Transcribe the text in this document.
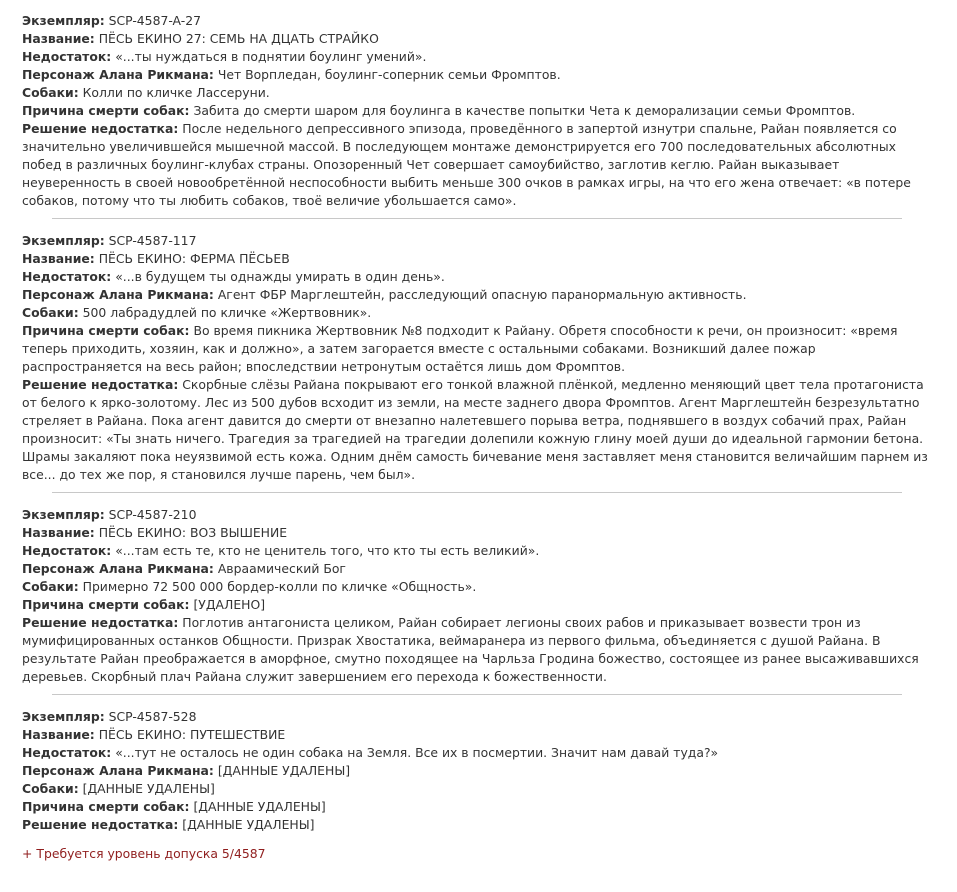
Экземпляр: SCP-4587-A-27

Название: ПЁСЬ ЕКИНО 27: СЕМЬ НА ДЦАТЬ СТРАЙКО

Недостаток: «...ты нуждаться в поднятии боулинг умений».

Персонаж Алана Рикмана: Чет Ворпледан, боулинг-соперник семьи Фромптов.

Собаки: Колли по кличке Лассеруни.

Причина смерти собак: Забита до смерти шаром для боулинга в качестве попытки Чета к деморализации семьи Фромптов.

Решение недостатка: После недельного депрессивного эпизода, проведённого в запертой изнутри спальне, Райан появляется со значительно увеличившейся мышечной массой. В последующем монтаже демонстрируется его 700 последовательных абсолютных побед в различных боулинг-клубах страны. Опозоренный Чет совершает самоубийство, заглотив кеглю. Райан выказывает неуверенность в своей новообретённой неспособности выбить меньше 300 очков в рамках игры, на что его жена отвечает: «в потере собаков, потому что ты любить собаков, твоё величие убольшается само».

Экземпляр: SCP-4587-117

Название: ПЁСЬ ЕКИНО: ФЕРМА ПЁСЬЕВ

Недостаток: «...в будущем ты однажды умирать в один день».

Персонаж Алана Рикмана: Агент ФБР Марглештейн, расследующий опасную паранормальную активность.

Собаки: 500 лабрадудлей по кличке «Жертвовник».

Причина смерти собак: Во время пикника Жертвовник №8 подходит к Райану. Обретя способности к речи, он произносит: «время теперь приходить, хозяин, как и должно», а затем загорается вместе с остальными собаками. Возникший далее пожар распространяется на весь район; впоследствии нетронутым остаётся лишь дом Фромптов.

Решение недостатка: Скорбные слёзы Райана покрывают его тонкой влажной плёнкой, медленно меняющий цвет тела протагониста от белого к ярко-золотому. Лес из 500 дубов всходит из земли, на месте заднего двора Фромптов. Агент Марглештейн безрезультатно стреляет в Райана. Пока агент давится до смерти от внезапно налетевшего порыва ветра, поднявшего в воздух собачий прах, Райан произносит: «Ты знать ничего. Трагедия за трагедией на трагедии долепили кожную глину моей души до идеальной гармонии бетона. Шрамы закаляют пока неуязвимой есть кожа. Одним днём самость бичевание меня заставляет меня становится величайшим парнем из все... до тех же пор, я становился лучше парень, чем был».

Экземпляр: SCP-4587-210

Название: ПЁСЬ ЕКИНО: ВОЗ ВЫШЕНИЕ

Недостаток: «...там есть те, кто не ценитель того, что кто ты есть великий».

Персонаж Алана Рикмана: Авраамический Бог

Собаки: Примерно 72 500 000 бордер-колли по кличке «Общность».

Причина смерти собак: [УДАЛЕНО]

Решение недостатка: Поглотив антагониста целиком, Райан собирает легионы своих рабов и приказывает возвести трон из мумифицированных останков Общности. Призрак Хвостатика, веймаранера из первого фильма, объединяется с душой Райана. В результате Райан преображается в аморфное, смутно походящее на Чарльза Гродина божество, состоящее из ранее высаживавшихся деревьев. Скорбный плач Райана служит завершением его перехода к божественности.

Экземпляр: SCP-4587-528

Название: ПЁСЬ ЕКИНО: ПУТЕШЕСТВИЕ

Недостаток: «...тут не осталось не один собака на Земля. Все их в посмертии. Значит нам давай туда?»

Персонаж Алана Рикмана: [ДАННЫЕ УДАЛЕНЫ]

Собаки: [ДАННЫЕ УДАЛЕНЫ]

Причина смерти собак: [ДАННЫЕ УДАЛЕНЫ]

Решение недостатка: [ДАННЫЕ УДАЛЕНЫ]

+ Требуется уровень допуска 5/4587
